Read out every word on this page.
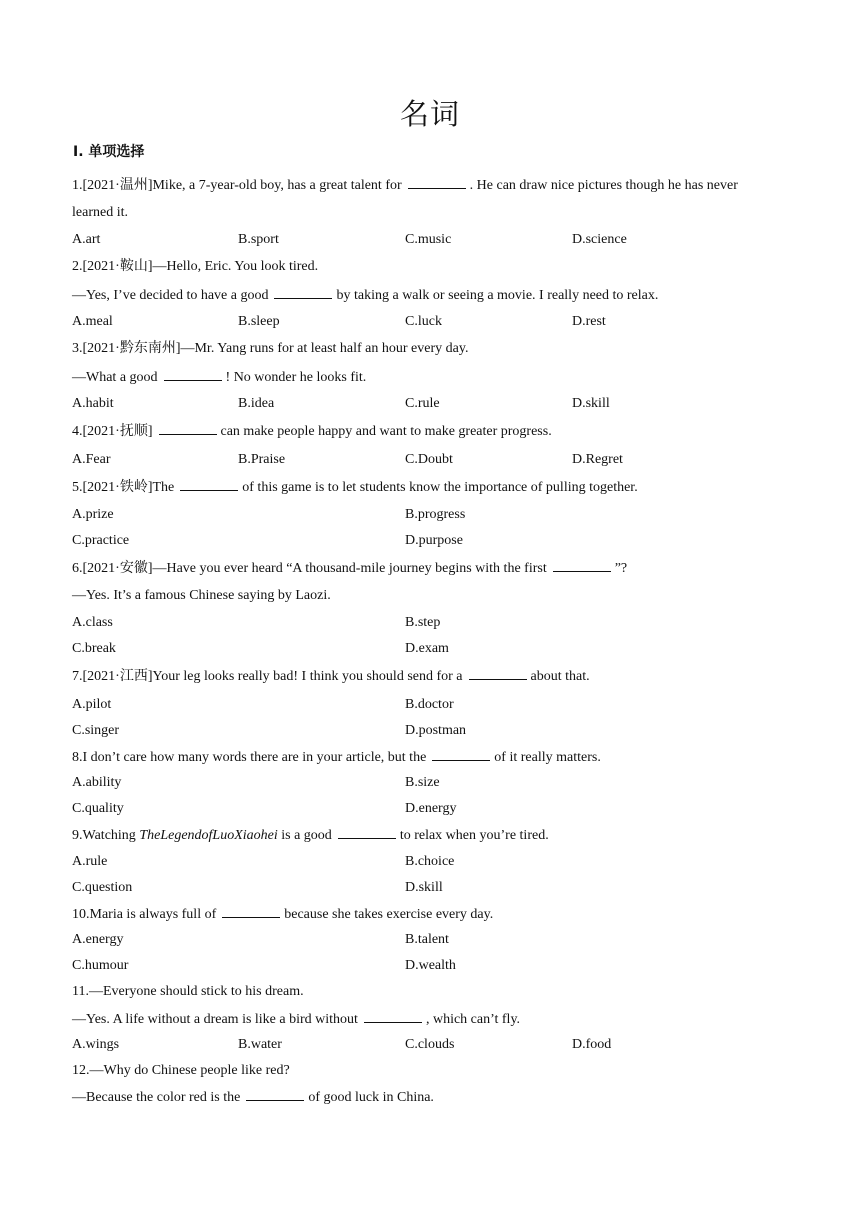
名词
Ⅰ. 单项选择
1.[2021·温州]Mike, a 7-year-old boy, has a great talent for	. He can draw nice pictures though he has never
learned it.
A.art	B.sport	C.music	D.science
2.[2021·鞍山]—Hello, Eric. You look tired.
—Yes, I’ve decided to have a good	by taking a walk or seeing a movie. I really need to relax.
A.meal	B.sleep	C.luck	D.rest
3.[2021·黔东南州]—Mr. Yang runs for at least half an hour every day.
—What a good	! No wonder he looks fit.
A.habit	B.idea	C.rule	D.skill
4.[2021·抚顺]	can make people happy and want to make greater progress.
A.Fear	B.Praise	C.Doubt	D.Regret
5.[2021·铁岭]The	of this game is to let students know the importance of pulling together.
A.prize	B.progress
C.practice	D.purpose
6.[2021·安徽]—Have you ever heard “A thousand-mile journey begins with the first	”?
—Yes. It’s a famous Chinese saying by Laozi.
A.class	B.step
C.break	D.exam
7.[2021·江西]Your leg looks really bad! I think you should send for a	about that.
A.pilot	B.doctor
C.singer	D.postman
8.I don’t care how many words there are in your article, but the	of it really matters.
A.ability	B.size
C.quality	D.energy
9.Watching TheLegendofLuoXiaohei is a good	to relax when you’re tired.
A.rule	B.choice
C.question	D.skill
10.Maria is always full of	because she takes exercise every day.
A.energy	B.talent
C.humour	D.wealth
11.—Everyone should stick to his dream.
—Yes. A life without a dream is like a bird without	, which can’t fly.
A.wings	B.water	C.clouds	D.food
12.—Why do Chinese people like red?
—Because the color red is the	of good luck in China.
